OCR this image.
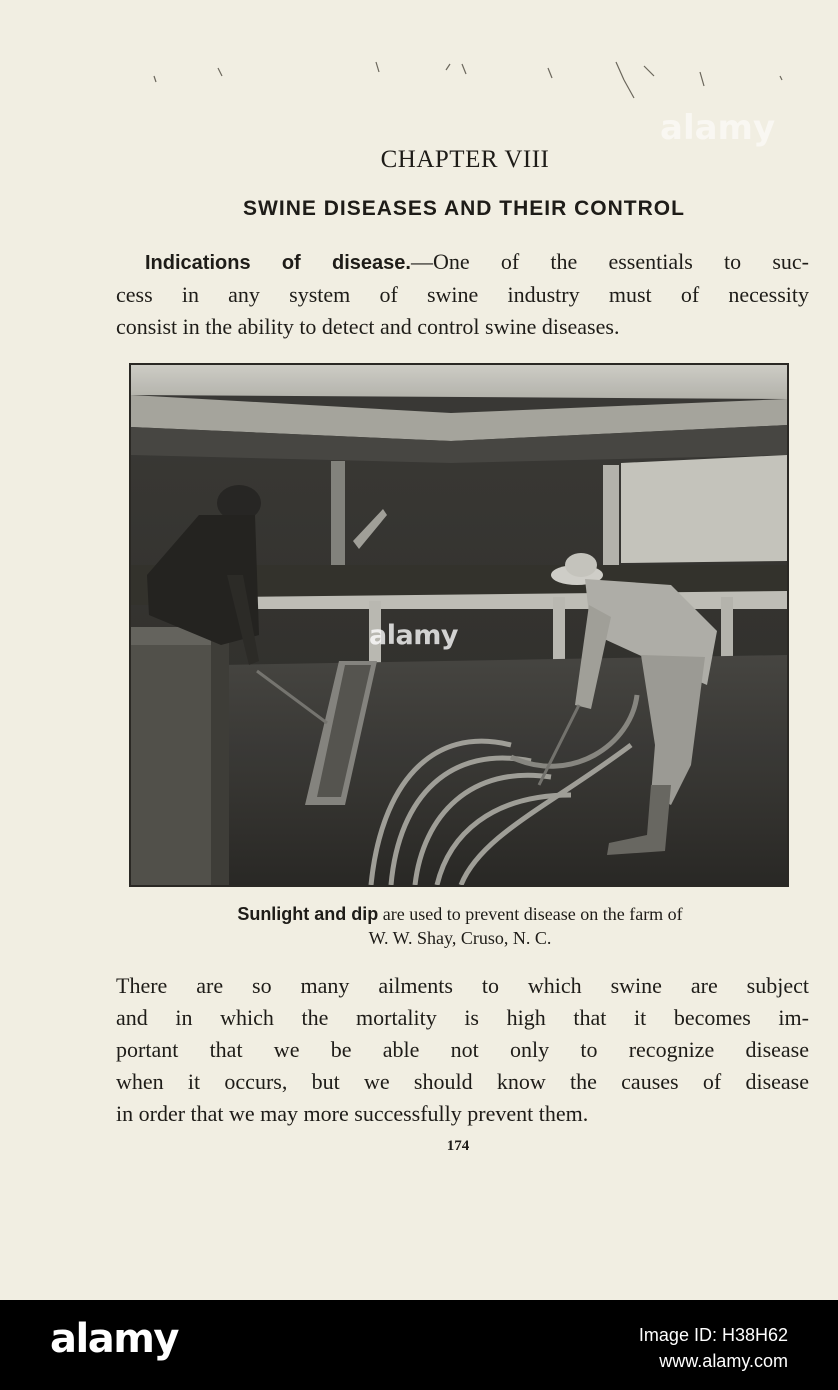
alamy
CHAPTER VIII
SWINE DISEASES AND THEIR CONTROL
Indications of disease.—One of the essentials to suc-
cess in any system of swine industry must of necessity
consist in the ability to detect and control swine diseases.
alamy
Sunlight and dip are used to prevent disease on the farm of
W. W. Shay, Cruso, N. C.
There are so many ailments to which swine are subject
and in which the mortality is high that it becomes im-
portant that we be able not only to recognize disease
when it occurs, but we should know the causes of disease
in order that we may more successfully prevent them.
174
alamy	Image ID: H38H62
www.alamy.com
